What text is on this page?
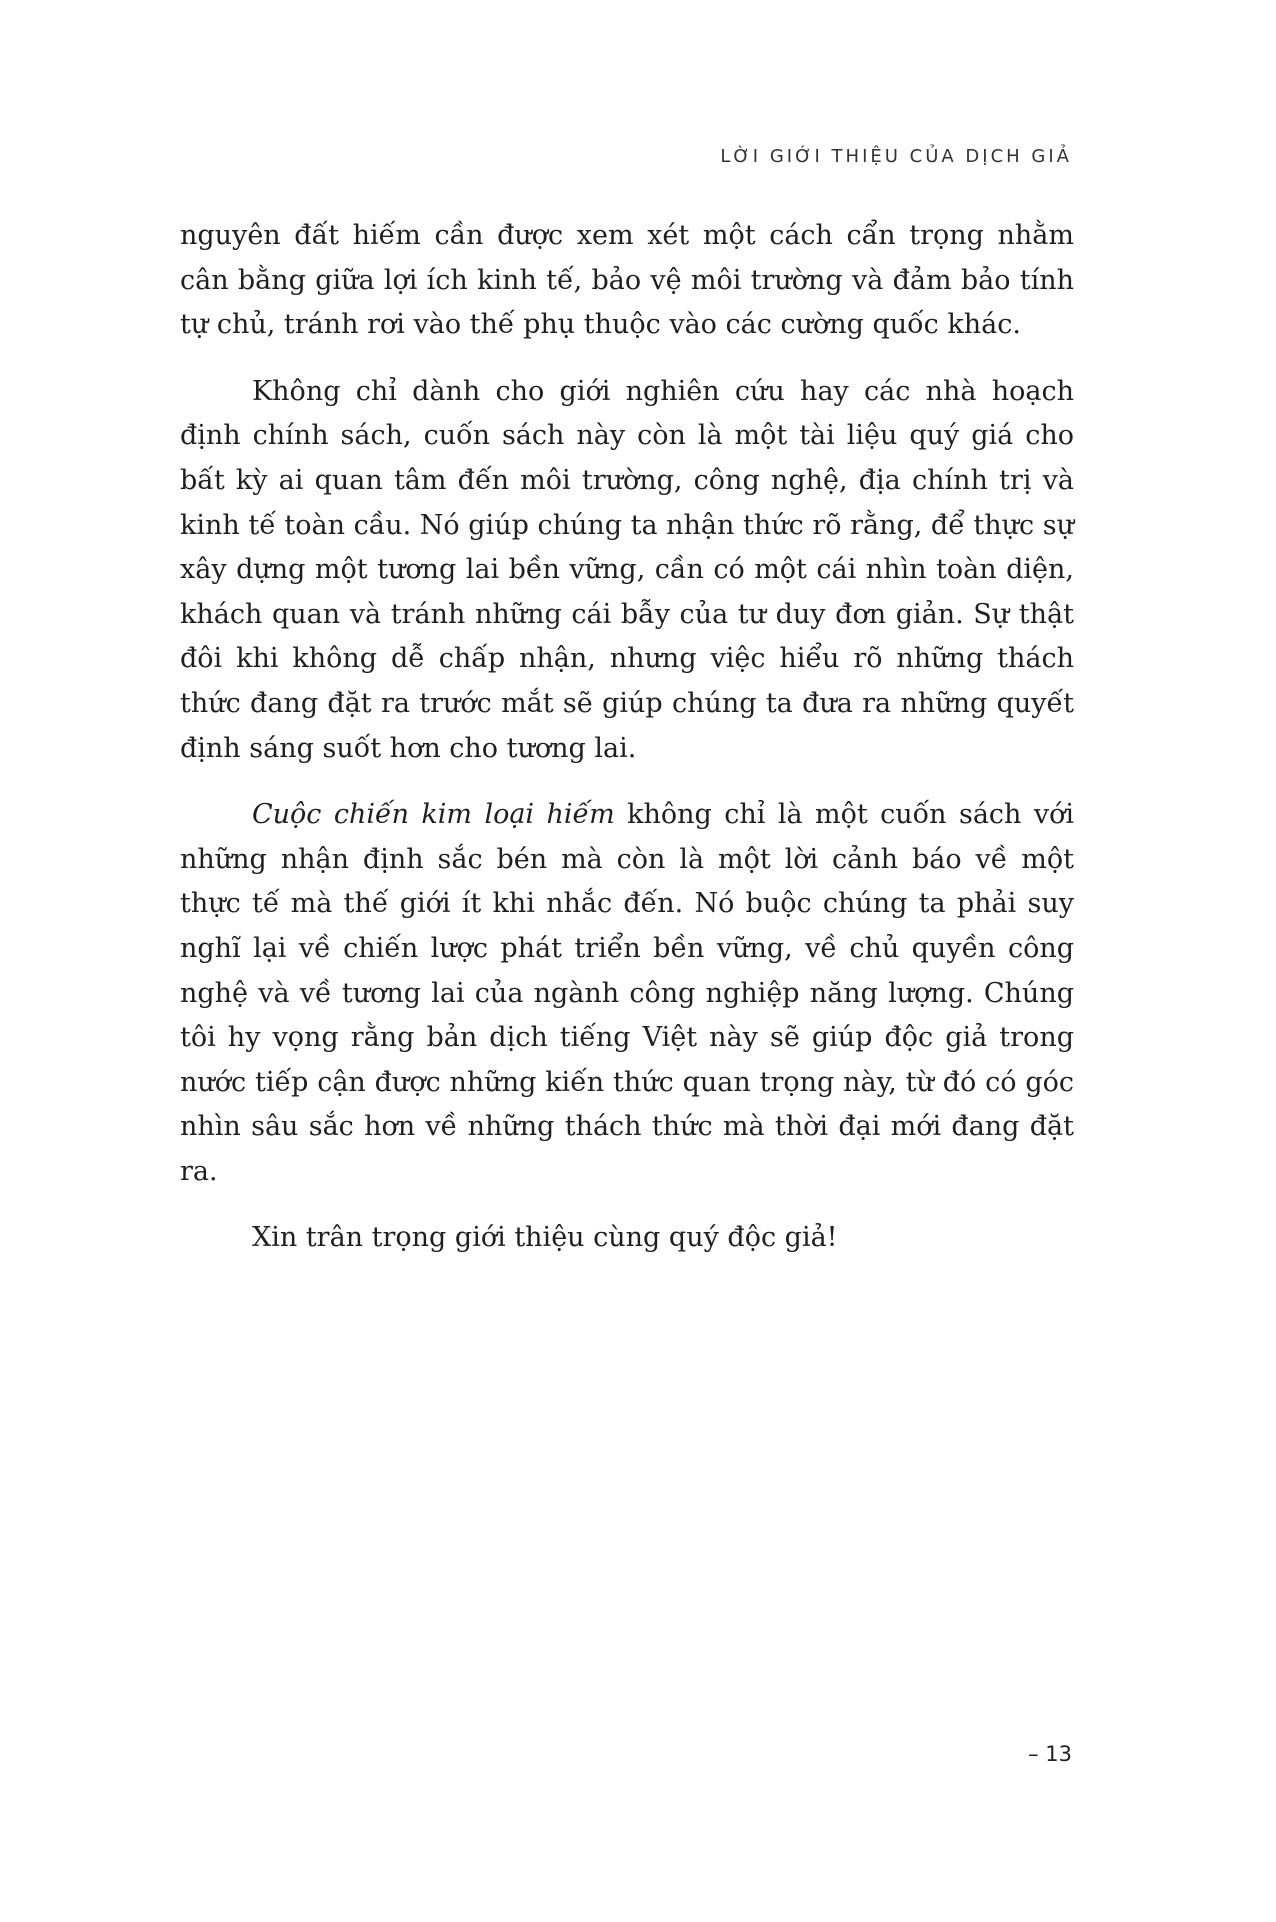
LỜI GIỚI THIỆU CỦA DỊCH GIẢ

nguyên đất hiếm cần được xem xét một cách cẩn trọng nhằm cân bằng giữa lợi ích kinh tế, bảo vệ môi trường và đảm bảo tính tự chủ, tránh rơi vào thế phụ thuộc vào các cường quốc khác.

Không chỉ dành cho giới nghiên cứu hay các nhà hoạch định chính sách, cuốn sách này còn là một tài liệu quý giá cho bất kỳ ai quan tâm đến môi trường, công nghệ, địa chính trị và kinh tế toàn cầu. Nó giúp chúng ta nhận thức rõ rằng, để thực sự xây dựng một tương lai bền vững, cần có một cái nhìn toàn diện, khách quan và tránh những cái bẫy của tư duy đơn giản. Sự thật đôi khi không dễ chấp nhận, nhưng việc hiểu rõ những thách thức đang đặt ra trước mắt sẽ giúp chúng ta đưa ra những quyết định sáng suốt hơn cho tương lai.

Cuộc chiến kim loại hiếm không chỉ là một cuốn sách với những nhận định sắc bén mà còn là một lời cảnh báo về một thực tế mà thế giới ít khi nhắc đến. Nó buộc chúng ta phải suy nghĩ lại về chiến lược phát triển bền vững, về chủ quyền công nghệ và về tương lai của ngành công nghiệp năng lượng. Chúng tôi hy vọng rằng bản dịch tiếng Việt này sẽ giúp độc giả trong nước tiếp cận được những kiến thức quan trọng này, từ đó có góc nhìn sâu sắc hơn về những thách thức mà thời đại mới đang đặt ra.

Xin trân trọng giới thiệu cùng quý độc giả!

– 13
